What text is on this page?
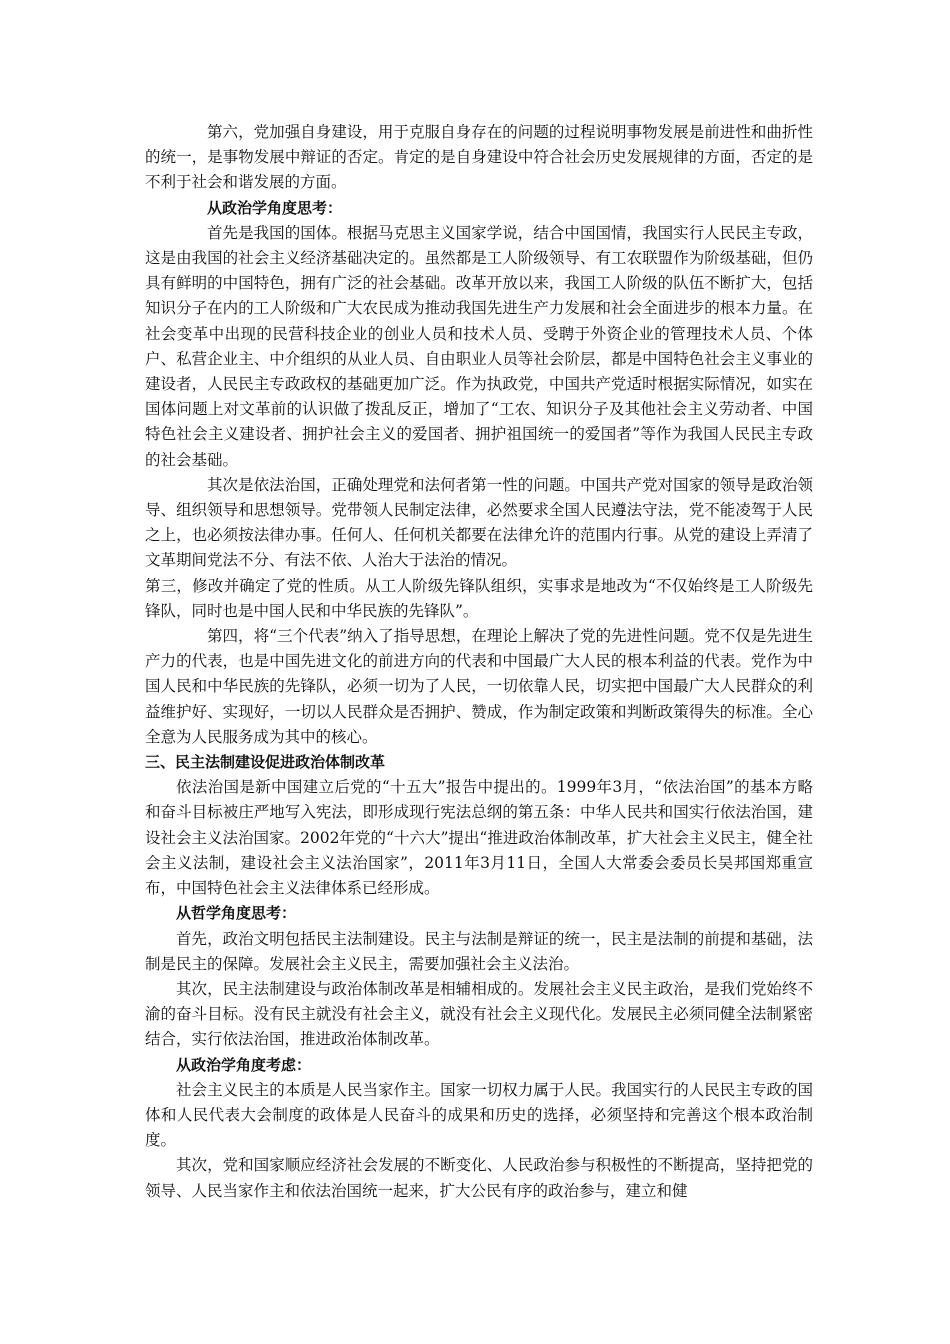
第六，党加强自身建设，用于克服自身存在的问题的过程说明事物发展是前进性和曲折性的统一，是事物发展中辩证的否定。肯定的是自身建设中符合社会历史发展规律的方面，否定的是不利于社会和谐发展的方面。

从政治学角度思考：

首先是我国的国体。根据马克思主义国家学说，结合中国国情，我国实行人民民主专政，这是由我国的社会主义经济基础决定的。虽然都是工人阶级领导、有工农联盟作为阶级基础，但仍具有鲜明的中国特色，拥有广泛的社会基础。改革开放以来，我国工人阶级的队伍不断扩大，包括知识分子在内的工人阶级和广大农民成为推动我国先进生产力发展和社会全面进步的根本力量。在社会变革中出现的民营科技企业的创业人员和技术人员、受聘于外资企业的管理技术人员、个体户、私营企业主、中介组织的从业人员、自由职业人员等社会阶层，都是中国特色社会主义事业的建设者，人民民主专政政权的基础更加广泛。作为执政党，中国共产党适时根据实际情况，如实在国体问题上对文革前的认识做了拨乱反正，增加了“工农、知识分子及其他社会主义劳动者、中国特色社会主义建设者、拥护社会主义的爱国者、拥护祖国统一的爱国者”等作为我国人民民主专政的社会基础。

其次是依法治国，正确处理党和法何者第一性的问题。中国共产党对国家的领导是政治领导、组织领导和思想领导。党带领人民制定法律，必然要求全国人民遵法守法，党不能凌驾于人民之上，也必须按法律办事。任何人、任何机关都要在法律允许的范围内行事。从党的建设上弄清了文革期间党法不分、有法不依、人治大于法治的情况。

第三，修改并确定了党的性质。从工人阶级先锋队组织，实事求是地改为“不仅始终是工人阶级先锋队，同时也是中国人民和中华民族的先锋队”。

第四，将“三个代表”纳入了指导思想，在理论上解决了党的先进性问题。党不仅是先进生产力的代表，也是中国先进文化的前进方向的代表和中国最广大人民的根本利益的代表。党作为中国人民和中华民族的先锋队，必须一切为了人民，一切依靠人民，切实把中国最广大人民群众的利益维护好、实现好，一切以人民群众是否拥护、赞成，作为制定政策和判断政策得失的标准。全心全意为人民服务成为其中的核心。

三、民主法制建设促进政治体制改革

依法治国是新中国建立后党的“十五大”报告中提出的。1999年3月，“依法治国”的基本方略和奋斗目标被庄严地写入宪法，即形成现行宪法总纲的第五条：中华人民共和国实行依法治国，建设社会主义法治国家。2002年党的“十六大”提出“推进政治体制改革，扩大社会主义民主，健全社会主义法制，建设社会主义法治国家”，2011年3月11日，全国人大常委会委员长吴邦国郑重宣布，中国特色社会主义法律体系已经形成。

从哲学角度思考：

首先，政治文明包括民主法制建设。民主与法制是辩证的统一，民主是法制的前提和基础，法制是民主的保障。发展社会主义民主，需要加强社会主义法治。

其次，民主法制建设与政治体制改革是相辅相成的。发展社会主义民主政治，是我们党始终不渝的奋斗目标。没有民主就没有社会主义，就没有社会主义现代化。发展民主必须同健全法制紧密结合，实行依法治国，推进政治体制改革。

从政治学角度考虑：

社会主义民主的本质是人民当家作主。国家一切权力属于人民。我国实行的人民民主专政的国体和人民代表大会制度的政体是人民奋斗的成果和历史的选择，必须坚持和完善这个根本政治制度。

其次，党和国家顺应经济社会发展的不断变化、人民政治参与积极性的不断提高，坚持把党的领导、人民当家作主和依法治国统一起来，扩大公民有序的政治参与，建立和健
